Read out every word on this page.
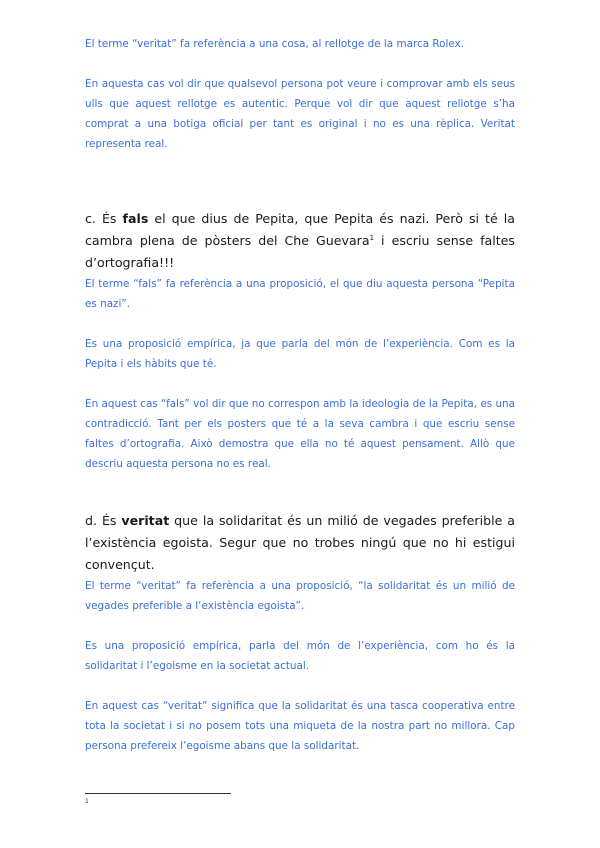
El terme “veritat” fa referència a una cosa, al rellotge de la marca Rolex.

En aquesta cas vol dir que qualsevol persona pot veure i comprovar amb els seus ulls que aquest rellotge es autentic. Perque vol dir que aquest rellotge s’ha comprat a una botiga oficial per tant es original i no es una rèplica. Veritat representa real.

c. És fals el que dius de Pepita, que Pepita és nazi. Però si té la cambra plena de pòsters del Che Guevara$^1$ i escriu sense faltes d’ortografia!!!

El terme “fals” fa referència a una proposició, el que diu aquesta persona “Pepita es nazi”.

Es una proposició empírica, ja que parla del món de l’experiència. Com es la Pepita i els hàbits que té.

En aquest cas “fals” vol dir que no correspon amb la ideologia de la Pepita, es una contradicció. Tant per els posters que té a la seva cambra i que escriu sense faltes d’ortografia. Això demostra que ella no té aquest pensament. Allò que descriu aquesta persona no es real.

d. És veritat que la solidaritat és un milió de vegades preferible a l’existència egoista. Segur que no trobes ningú que no hi estigui convençut.

El terme “veritat” fa referència a una proposició, “la solidaritat és un milió de vegades preferible a l’existència egoista”.

Es una proposició empírica, parla del món de l’experiència, com ho és la solidaritat i l’egoisme en la societat actual.

En aquest cas “veritat” significa que la solidaritat és una tasca cooperativa entre tota la societat i si no posem tots una miqueta de la nostra part no millora. Cap persona prefereix l’egoisme abans que la solidaritat.

1
